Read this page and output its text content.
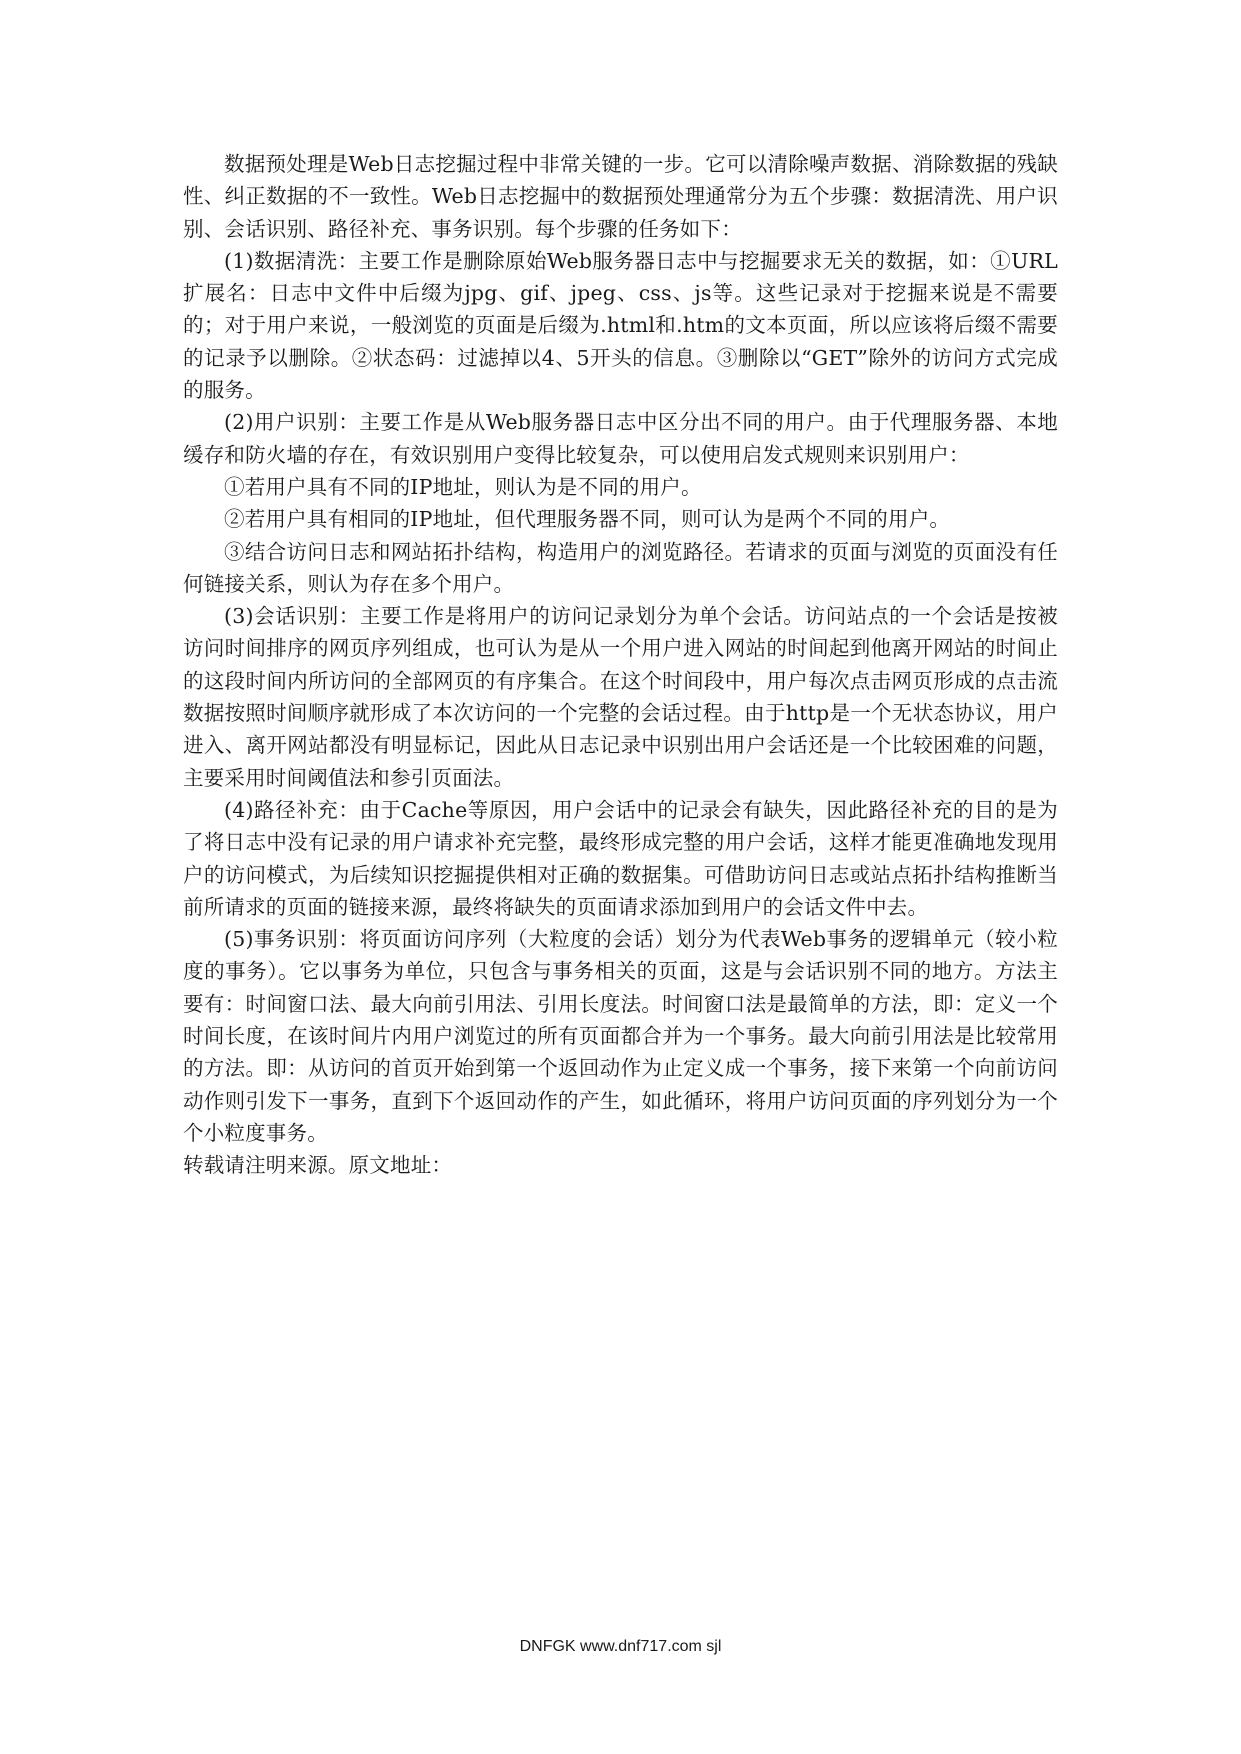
数据预处理是Web日志挖掘过程中非常关键的一步。它可以清除噪声数据、消除数据的残缺性、纠正数据的不一致性。Web日志挖掘中的数据预处理通常分为五个步骤：数据清洗、用户识别、会话识别、路径补充、事务识别。每个步骤的任务如下：

(1)数据清洗：主要工作是删除原始Web服务器日志中与挖掘要求无关的数据，如：①URL扩展名：日志中文件中后缀为jpg、gif、jpeg、css、js等。这些记录对于挖掘来说是不需要的；对于用户来说，一般浏览的页面是后缀为.html和.htm的文本页面，所以应该将后缀不需要的记录予以删除。②状态码：过滤掉以4、5开头的信息。③删除以“GET”除外的访问方式完成的服务。

(2)用户识别：主要工作是从Web服务器日志中区分出不同的用户。由于代理服务器、本地缓存和防火墙的存在，有效识别用户变得比较复杂，可以使用启发式规则来识别用户：

①若用户具有不同的IP地址，则认为是不同的用户。

②若用户具有相同的IP地址，但代理服务器不同，则可认为是两个不同的用户。

③结合访问日志和网站拓扑结构，构造用户的浏览路径。若请求的页面与浏览的页面没有任何链接关系，则认为存在多个用户。

(3)会话识别：主要工作是将用户的访问记录划分为单个会话。访问站点的一个会话是按被访问时间排序的网页序列组成，也可认为是从一个用户进入网站的时间起到他离开网站的时间止的这段时间内所访问的全部网页的有序集合。在这个时间段中，用户每次点击网页形成的点击流数据按照时间顺序就形成了本次访问的一个完整的会话过程。由于http是一个无状态协议，用户进入、离开网站都没有明显标记，因此从日志记录中识别出用户会话还是一个比较困难的问题，主要采用时间阈值法和参引页面法。

(4)路径补充：由于Cache等原因，用户会话中的记录会有缺失，因此路径补充的目的是为了将日志中没有记录的用户请求补充完整，最终形成完整的用户会话，这样才能更准确地发现用户的访问模式，为后续知识挖掘提供相对正确的数据集。可借助访问日志或站点拓扑结构推断当前所请求的页面的链接来源，最终将缺失的页面请求添加到用户的会话文件中去。

(5)事务识别：将页面访问序列（大粒度的会话）划分为代表Web事务的逻辑单元（较小粒度的事务）。它以事务为单位，只包含与事务相关的页面，这是与会话识别不同的地方。方法主要有：时间窗口法、最大向前引用法、引用长度法。时间窗口法是最简单的方法，即：定义一个时间长度，在该时间片内用户浏览过的所有页面都合并为一个事务。最大向前引用法是比较常用的方法。即：从访问的首页开始到第一个返回动作为止定义成一个事务，接下来第一个向前访问动作则引发下一事务，直到下个返回动作的产生，如此循环，将用户访问页面的序列划分为一个个小粒度事务。

转载请注明来源。原文地址：

DNFGK www.dnf717.com sjl
